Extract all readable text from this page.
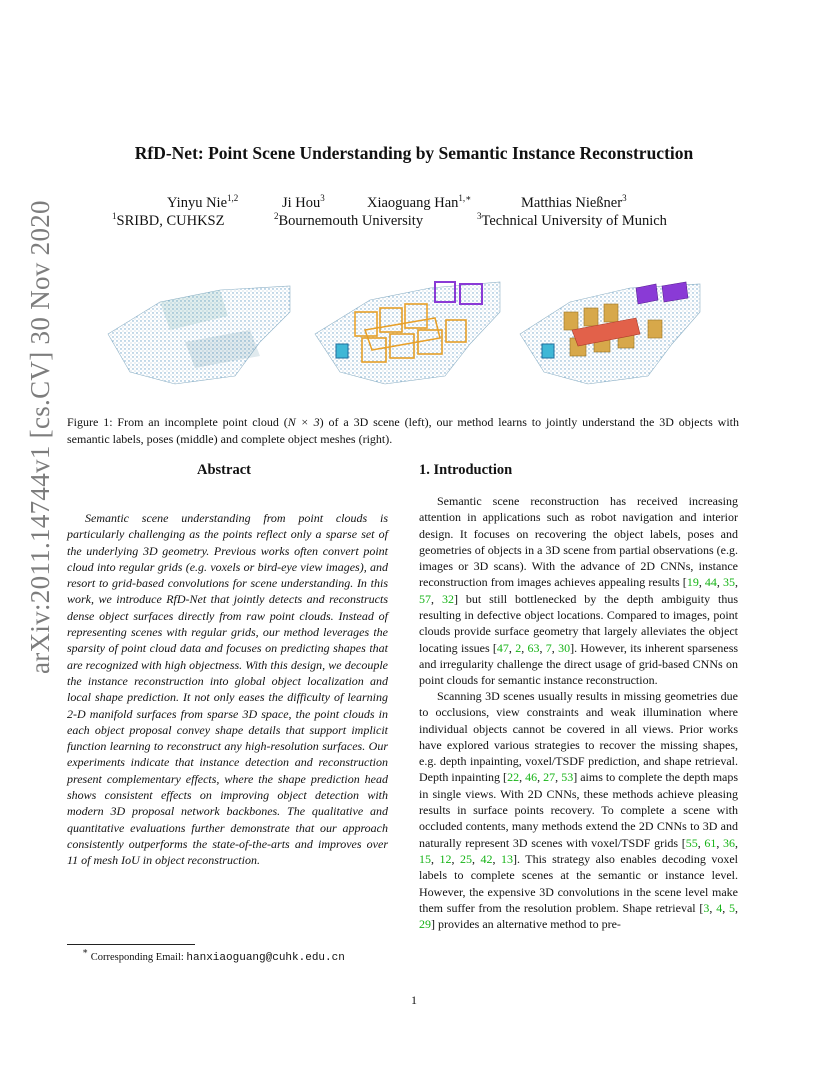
arXiv:2011.14744v1 [cs.CV] 30 Nov 2020
RfD-Net: Point Scene Understanding by Semantic Instance Reconstruction
Yinyu Nie$^{1,2}$	Ji Hou$^3$	Xiaoguang Han$^{1,∗}$	Matthias Nießner$^3$
$^1$SRIBD, CUHKSZ	$^2$Bournemouth University	$^3$Technical University of Munich
Figure 1: From an incomplete point cloud (N × 3) of a 3D scene (left), our method learns to jointly understand the 3D objects with semantic labels, poses (middle) and complete object meshes (right).
Abstract
Semantic scene understanding from point clouds is particularly challenging as the points reflect only a sparse set of the underlying 3D geometry. Previous works often convert point cloud into regular grids (e.g. voxels or bird-eye view images), and resort to grid-based convolutions for scene understanding. In this work, we introduce RfD-Net that jointly detects and reconstructs dense object surfaces directly from raw point clouds. Instead of representing scenes with regular grids, our method leverages the sparsity of point cloud data and focuses on predicting shapes that are recognized with high objectness. With this design, we decouple the instance reconstruction into global object localization and local shape prediction. It not only eases the difficulty of learning 2-D manifold surfaces from sparse 3D space, the point clouds in each object proposal convey shape details that support implicit function learning to reconstruct any high-resolution surfaces. Our experiments indicate that instance detection and reconstruction present complementary effects, where the shape prediction head shows consistent effects on improving object detection with modern 3D proposal network backbones. The qualitative and quantitative evaluations further demonstrate that our approach consistently outperforms the state-of-the-arts and improves over 11 of mesh IoU in object reconstruction.
1. Introduction
Semantic scene reconstruction has received increasing attention in applications such as robot navigation and interior design. It focuses on recovering the object labels, poses and geometries of objects in a 3D scene from partial observations (e.g. images or 3D scans). With the advance of 2D CNNs, instance reconstruction from images achieves appealing results [19, 44, 35, 57, 32] but still bottlenecked by the depth ambiguity thus resulting in defective object locations. Compared to images, point clouds provide surface geometry that largely alleviates the object locating issues [47, 2, 63, 7, 30]. However, its inherent sparseness and irregularity challenge the direct usage of grid-based CNNs on point clouds for semantic instance reconstruction.
Scanning 3D scenes usually results in missing geometries due to occlusions, view constraints and weak illumination where individual objects cannot be covered in all views. Prior works have explored various strategies to recover the missing shapes, e.g. depth inpainting, voxel/TSDF prediction, and shape retrieval. Depth inpainting [22, 46, 27, 53] aims to complete the depth maps in single views. With 2D CNNs, these methods achieve pleasing results in surface points recovery. To complete a scene with occluded contents, many methods extend the 2D CNNs to 3D and naturally represent 3D scenes with voxel/TSDF grids [55, 61, 36, 15, 12, 25, 42, 13]. This strategy also enables decoding voxel labels to complete scenes at the semantic or instance level. However, the expensive 3D convolutions in the scene level make them suffer from the resolution problem. Shape retrieval [3, 4, 5, 29] provides an alternative method to pre-
∗ Corresponding Email: hanxiaoguang@cuhk.edu.cn
1
